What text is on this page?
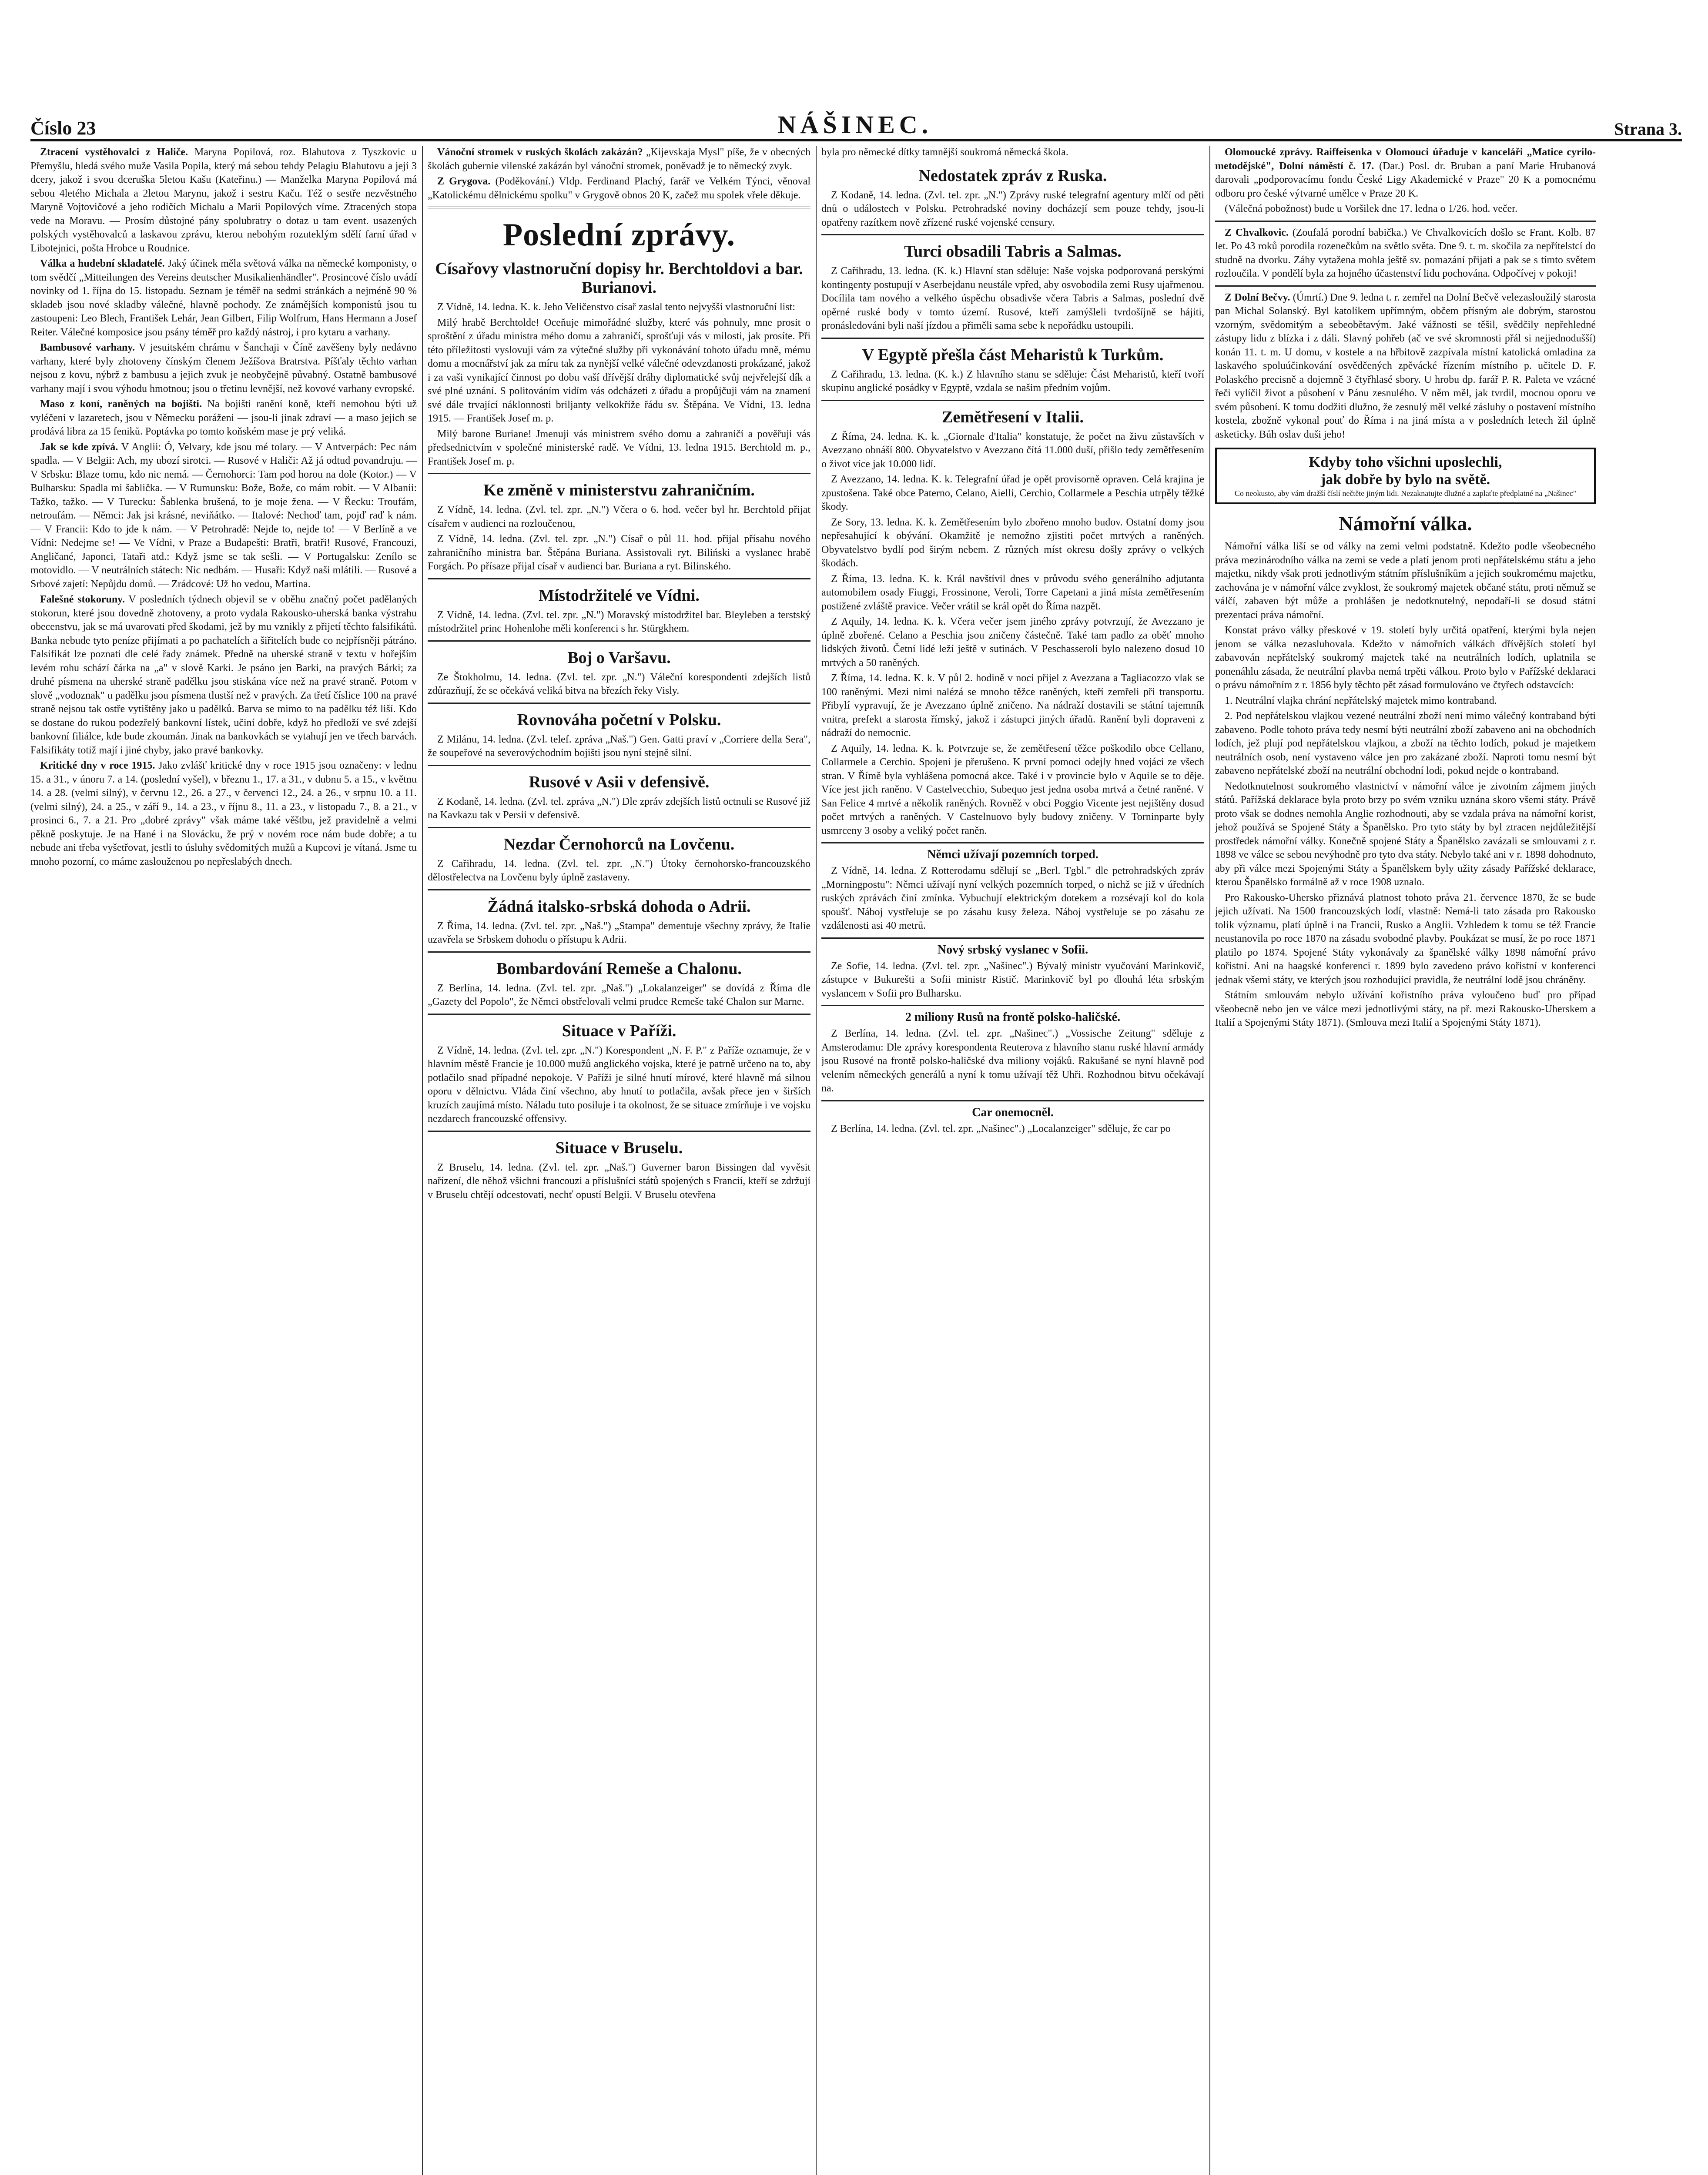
Číslo 23	NÁŠINEC.	Strana 3.

Ztracení vystěhovalci z Haliče. Maryna Popilová, roz. Blahutova z Tyszkovic u Přemyšlu, hledá svého muže Vasila Popila, který má sebou tehdy Pelagiu Blahutovu a její 3 dcery, jakož i svou dceruška 5letou Kašu (Kateřinu.) — Manželka Maryna Popilová má sebou 4letého Michala a 2letou Marynu, jakož i sestru Kaču. Též o sestře nezvěstného Maryně Vojtovičové a jeho rodičích Michalu a Marii Popilových víme. Ztracených stopa vede na Moravu. — Prosím důstojné pány spolubratry o dotaz u tam event. usazených polských vystěhovalců a laskavou zprávu, kterou nebohým rozuteklým sdělí farní úřad v Libotejnici, pošta Hrobce u Roudnice.

Válka a hudební skladatelé. Jaký účinek měla světová válka na německé komponisty, o tom svědčí „Mitteilungen des Vereins deutscher Musikalienhändler". Prosincové číslo uvádí novinky od 1. října do 15. listopadu. Seznam je téměř na sedmi stránkách a nejméně 90 % skladeb jsou nové skladby válečné, hlavně pochody. Ze známějších komponistů jsou tu zastoupeni: Leo Blech, František Lehár, Jean Gilbert, Filip Wolfrum, Hans Hermann a Josef Reiter. Válečné komposice jsou psány téměř pro každý nástroj, i pro kytaru a varhany.

Bambusové varhany. V jesuitském chrámu v Šanchaji v Číně zavěšeny byly nedávno varhany, které byly zhotoveny čínským členem Ježíšova Bratrstva. Píšťaly těchto varhan nejsou z kovu, nýbrž z bambusu a jejich zvuk je neobyčejně půvabný. Ostatně bambusové varhany mají i svou výhodu hmotnou; jsou o třetinu levnější, než kovové varhany evropské.

Maso z koní, raněných na bojišti. Na bojišti ranění koně, kteří nemohou býti už vyléčeni v lazaretech, jsou v Německu poráženi — jsou-li jinak zdraví — a maso jejich se prodává libra za 15 feniků. Poptávka po tomto koňském mase je prý veliká.

Jak se kde zpívá. V Anglii: Ó, Velvary, kde jsou mé tolary. — V Antverpách: Pec nám spadla. — V Belgii: Ach, my ubozí sirotci. — Rusové v Haliči: Až já odtud povandruju. — V Srbsku: Blaze tomu, kdo nic nemá. — Černohorci: Tam pod horou na dole (Kotor.) — V Bulharsku: Spadla mi šablička. — V Rumunsku: Bože, Bože, co mám robit. — V Albanii: Tažko, tažko. — V Turecku: Šablenka brušená, to je moje žena. — V Řecku: Troufám, netroufám. — Němci: Jak jsi krásné, neviňátko. — Italové: Nechoď tam, pojď raď k nám. — V Francii: Kdo to jde k nám. — V Petrohradě: Nejde to, nejde to! — V Berlíně a ve Vídni: Nedejme se! — Ve Vídni, v Praze a Budapešti: Bratři, bratři! Rusové, Francouzi, Angličané, Japonci, Tataři atd.: Když jsme se tak sešli. — V Portugalsku: Zenílo se motovidlo. — V neutrálních státech: Nic nedbám. — Husaři: Když naši mlátili. — Rusové a Srbové zajetí: Nepůjdu domů. — Zrádcové: Už ho vedou, Martina.

Falešné stokoruny. V posledních týdnech objevil se v oběhu značný počet padělaných stokorun, které jsou dovedně zhotoveny, a proto vydala Rakousko-uherská banka výstrahu obecenstvu, jak se má uvarovati před škodami, jež by mu vznikly z přijetí těchto falsifikátů. Banka nebude tyto peníze přijímati a po pachatelích a šiřitelích bude co nejpřísněji pátráno. Falsifikát lze poznati dle celé řady známek. Předně na uherské straně v textu v hořejším levém rohu schází čárka na „a" v slově Karki. Je psáno jen Barki, na pravých Bárki; za druhé písmena na uherské straně padělku jsou stiskána více než na pravé straně. Potom v slově „vodoznak" u padělku jsou písmena tlustší než v pravých. Za třetí číslice 100 na pravé straně nejsou tak ostře vytištěny jako u padělků. Barva se mimo to na padělku též liší. Kdo se dostane do rukou podezřelý bankovní lístek, učiní dobře, když ho předloží ve své zdejší bankovní filiálce, kde bude zkoumán. Jinak na bankovkách se vytahují jen ve třech barvách. Falsifikáty totiž mají i jiné chyby, jako pravé bankovky.

Kritické dny v roce 1915. Jako zvlášť kritické dny v roce 1915 jsou označeny: v lednu 15. a 31., v únoru 7. a 14. (poslední vyšel), v březnu 1., 17. a 31., v dubnu 5. a 15., v květnu 14. a 28. (velmi silný), v červnu 12., 26. a 27., v červenci 12., 24. a 26., v srpnu 10. a 11. (velmi silný), 24. a 25., v září 9., 14. a 23., v říjnu 8., 11. a 23., v listopadu 7., 8. a 21., v prosinci 6., 7. a 21. Pro „dobré zprávy" však máme také věštbu, jež pravidelně a velmi pěkně poskytuje. Je na Hané i na Slovácku, že prý v novém roce nám bude dobře; a tu nebude ani třeba vyšetřovat, jestli to úsluhy svědomitých mužů a Kupcovi je vítaná. Jsme tu mnoho pozorní, co máme zaslouženou po nepřeslabých dnech.

Vánoční stromek v ruských školách zakázán? „Kijevskaja Mysl" píše, že v obecných školách gubernie vilenské zakázán byl vánoční stromek, poněvadž je to německý zvyk.

Z Grygova. (Poděkování.) Vldp. Ferdinand Plachý, farář ve Velkém Týnci, věnoval „Katolickému dělnickému spolku" v Grygově obnos 20 K, začež mu spolek vřele děkuje.

Poslední zprávy.
Císařovy vlastnoruční dopisy hr. Berchtoldovi a bar. Burianovi.

Z Vídně, 14. ledna. K. k. Jeho Veličenstvo císař zaslal tento nejvyšší vlastnoruční list:

Milý hrabě Berchtolde! Oceňuje mimořádné služby, které vás pohnuly, mne prosit o sproštění z úřadu ministra mého domu a zahraničí, sprošťuji vás v milosti, jak prosíte. Při této příležitosti vyslovuji vám za výtečné služby při vykonávání tohoto úřadu mně, mému domu a mocnářství jak za míru tak za nynější velké válečné odevzdanosti prokázané, jakož i za vaši vynikající činnost po dobu vaší dřívější dráhy diplomatické svůj nejvřelejší dík a své plné uznání. S politováním vidím vás odcházeti z úřadu a propůjčuji vám na znamení své dále trvající náklonnosti briljanty velkokříže řádu sv. Štěpána. Ve Vídni, 13. ledna 1915. — František Josef m. p.

Milý barone Buriane! Jmenuji vás ministrem svého domu a zahraničí a pověřuji vás předsednictvím v společné ministerské radě. Ve Vídni, 13. ledna 1915. Berchtold m. p., František Josef m. p.

Ke změně v ministerstvu zahraničním.

Z Vídně, 14. ledna. (Zvl. tel. zpr. „N.") Včera o 6. hod. večer byl hr. Berchtold přijat císařem v audienci na rozloučenou,

Z Vídně, 14. ledna. (Zvl. tel. zpr. „N.") Císař o půl 11. hod. přijal přísahu nového zahraničního ministra bar. Štěpána Buriana. Assistovali ryt. Biliński a vyslanec hrabě Forgách. Po přísaze přijal císař v audienci bar. Buriana a ryt. Bilinského.

Místodržitelé ve Vídni.

Z Vídně, 14. ledna. (Zvl. tel. zpr. „N.") Moravský místodržitel bar. Bleyleben a terstský místodržitel princ Hohenlohe měli konferenci s hr. Stürgkhem.

Boj o Varšavu.

Ze Štokholmu, 14. ledna. (Zvl. tel. zpr. „N.") Váleční korespondenti zdejších listů zdůrazňují, že se očekává veliká bitva na březích řeky Visly.

Rovnováha početní v Polsku.

Z Milánu, 14. ledna. (Zvl. telef. zpráva „Naš.") Gen. Gatti praví v „Corriere della Sera", že soupeřové na severovýchodním bojišti jsou nyní stejně silní.

Rusové v Asii v defensivě.

Z Kodaně, 14. ledna. (Zvl. tel. zpráva „N.") Dle zpráv zdejších listů octnuli se Rusové již na Kavkazu tak v Persii v defensivě.

Nezdar Černohorců na Lovčenu.

Z Cařihradu, 14. ledna. (Zvl. tel. zpr. „N.") Útoky černohorsko-francouzského dělostřelectva na Lovčenu byly úplně zastaveny.

Žádná italsko-srbská dohoda o Adrii.

Z Říma, 14. ledna. (Zvl. tel. zpr. „Naš.") „Stampa" dementuje všechny zprávy, že Italie uzavřela se Srbskem dohodu o přístupu k Adrii.

Bombardování Remeše a Chalonu.

Z Berlína, 14. ledna. (Zvl. tel. zpr. „Naš.") „Lokalanzeiger" se dovídá z Říma dle „Gazety del Popolo", že Němci obstřelovali velmi prudce Remeše také Chalon sur Marne.

Situace v Paříži.

Z Vídně, 14. ledna. (Zvl. tel. zpr. „N.") Korespondent „N. F. P." z Paříže oznamuje, že v hlavním městě Francie je 10.000 mužů anglického vojska, které je patrně určeno na to, aby potlačilo snad případné nepokoje. V Paříži je silné hnutí mírové, které hlavně má silnou oporu v dělnictvu. Vláda činí všechno, aby hnutí to potlačila, avšak přece jen v širších kruzích zaujímá místo. Náladu tuto posiluje i ta okolnost, že se situace zmírňuje i ve vojsku nezdarech francouzské offensivy.

Situace v Bruselu.

Z Bruselu, 14. ledna. (Zvl. tel. zpr. „Naš.") Guverner baron Bissingen dal vyvěsit nařízení, dle něhož všichni francouzi a příslušníci států spojených s Francií, kteří se zdržují v Bruselu chtějí odcestovati, nechť opustí Belgii. V Bruselu otevřena

byla pro německé dítky tamnější soukromá německá škola.

Nedostatek zpráv z Ruska.

Z Kodaně, 14. ledna. (Zvl. tel. zpr. „N.") Zprávy ruské telegrafní agentury mlčí od pěti dnů o událostech v Polsku. Petrohradské noviny docházejí sem pouze tehdy, jsou-li opatřeny razítkem nově zřízené ruské vojenské censury.

Turci obsadili Tabris a Salmas.

Z Cařihradu, 13. ledna. (K. k.) Hlavní stan sděluje: Naše vojska podporovaná perskými kontingenty postupují v Aserbejdanu neustále vpřed, aby osvobodila zemi Rusy ujařmenou. Docílila tam nového a velkého úspěchu obsadivše včera Tabris a Salmas, poslední dvě opěrné ruské body v tomto území. Rusové, kteří zamýšleli tvrdošíjně se hájiti, pronásledováni byli naší jízdou a přiměli sama sebe k nepořádku ustoupili.

V Egyptě přešla část Meharistů k Turkům.

Z Cařihradu, 13. ledna. (K. k.) Z hlavního stanu se sděluje: Část Meharistů, kteří tvoří skupinu anglické posádky v Egyptě, vzdala se našim předním vojům.

Zemětřesení v Italii.

Z Říma, 24. ledna. K. k. „Giornale d'Italia" konstatuje, že počet na živu zůstavších v Avezzano obnáší 800. Obyvatelstvo v Avezzano čítá 11.000 duší, přišlo tedy zemětřesením o život více jak 10.000 lidí.

Z Avezzano, 14. ledna. K. k. Telegrafní úřad je opět provisorně opraven. Celá krajina je zpustošena. Také obce Paterno, Celano, Aielli, Cerchio, Collarmele a Peschia utrpěly těžké škody.

Ze Sory, 13. ledna. K. k. Zemětřesením bylo zbořeno mnoho budov. Ostatní domy jsou nepřesahující k obývání. Okamžitě je nemožno zjistiti počet mrtvých a raněných. Obyvatelstvo bydlí pod širým nebem. Z různých míst okresu došly zprávy o velkých škodách.

Z Říma, 13. ledna. K. k. Král navštívil dnes v průvodu svého generálního adjutanta automobilem osady Fiuggi, Frossinone, Veroli, Torre Capetani a jiná místa zemětřesením postižené zvláště pravice. Večer vrátil se král opět do Říma nazpět.

Z Aquily, 14. ledna. K. k. Včera večer jsem jiného zprávy potvrzují, že Avezzano je úplně zbořené. Celano a Peschia jsou zničeny částečně. Také tam padlo za oběť mnoho lidských životů. Četní lidé leží ještě v sutinách. V Peschasseroli bylo nalezeno dosud 10 mrtvých a 50 raněných.

Z Říma, 14. ledna. K. k. V půl 2. hodině v noci přijel z Avezzana a Tagliacozzo vlak se 100 raněnými. Mezi nimi nalézá se mnoho těžce raněných, kteří zemřeli při transportu. Přibylí vypravují, že je Avezzano úplně zničeno. Na nádraží dostavili se státní tajemník vnitra, prefekt a starosta římský, jakož i zástupci jiných úřadů. Ranění byli dopraveni z nádraží do nemocnic.

Z Aquily, 14. ledna. K. k. Potvrzuje se, že zemětřesení těžce poškodilo obce Cellano, Collarmele a Cerchio. Spojení je přerušeno. K první pomoci odejly hned vojáci ze všech stran. V Římě byla vyhlášena pomocná akce. Také i v provincie bylo v Aquile se to děje. Více jest jich raněno. V Castelvecchio, Subequo jest jedna osoba mrtvá a četné raněné. V San Felice 4 mrtvé a několik raněných. Rovněž v obci Poggio Vicente jest nejištěny dosud počet mrtvých a raněných. V Castelnuovo byly budovy zničeny. V Torninparte byly usmrceny 3 osoby a veliký počet raněn.

Němci užívají pozemních torped.

Z Vídně, 14. ledna. Z Rotterodamu sdělují se „Berl. Tgbl." dle petrohradských zpráv „Morningpostu": Němci užívají nyní velkých pozemních torped, o nichž se již v úředních ruských zprávách činí zmínka. Vybuchují elektrickým dotekem a rozsévají kol do kola spoušť. Náboj vystřeluje se po zásahu kusy železa. Náboj vystřeluje se po zásahu ze vzdálenosti asi 40 metrů.

Nový srbský vyslanec v Sofii.

Ze Sofie, 14. ledna. (Zvl. tel. zpr. „Našinec".) Bývalý ministr vyučování Marinkovič, zástupce v Bukurešti a Sofii ministr Ristič. Marinkovič byl po dlouhá léta srbským vyslancem v Sofii pro Bulharsku.

2 miliony Rusů na frontě polsko-haličské.

Z Berlína, 14. ledna. (Zvl. tel. zpr. „Našinec".) „Vossische Zeitung" sděluje z Amsterodamu: Dle zprávy korespondenta Reuterova z hlavního stanu ruské hlavní armády jsou Rusové na frontě polsko-haličské dva miliony vojáků. Rakušané se nyní hlavně pod velením německých generálů a nyní k tomu užívají těž Uhři. Rozhodnou bitvu očekávají na.

Car onemocněl.

Z Berlína, 14. ledna. (Zvl. tel. zpr. „Našinec".) „Localanzeiger" sděluje, že car po

Olomoucké zprávy. Raiffeisenka v Olomouci úřaduje v kanceláři „Matice cyrilo-metodějské", Dolní náměstí č. 17. (Dar.) Posl. dr. Bruban a paní Marie Hrubanová darovali „podporovacímu fondu České Ligy Akademické v Praze" 20 K a pomocnému odboru pro české výtvarné umělce v Praze 20 K.

(Válečná pobožnost) bude u Voršilek dne 17. ledna o 1/26. hod. večer.

Z Chvalkovic. (Zoufalá porodní babička.) Ve Chvalkovicích došlo se Frant. Kolb. 87 let. Po 43 roků porodila rozenečkům na světlo světa. Dne 9. t. m. skočila za nepřítelstcí do studně na dvorku. Záhy vytažena mohla ještě sv. pomazání přijati a pak se s tímto světem rozloučila. V pondělí byla za hojného účastenství lidu pochována. Odpočívej v pokoji!

Z Dolní Bečvy. (Úmrtí.) Dne 9. ledna t. r. zemřel na Dolní Bečvě velezasloužilý starosta pan Michal Solanský. Byl katolíkem upřímným, občem přísným ale dobrým, starostou vzorným, svědomitým a sebeobětavým. Jaké vážnosti se těšil, svědčily nepřehledné zástupy lidu z blízka i z dáli. Slavný pohřeb (ač ve své skromnosti přál si nejjednodušší) konán 11. t. m. U domu, v kostele a na hřbitově zazpívala místní katolická omladina za laskavého spoluúčinkování osvědčených zpěvácké řízením místního p. učitele D. F. Polaského precisně a dojemně 3 čtyřhlasé sbory. U hrobu dp. farář P. R. Paleta ve vzácné řeči vylíčil život a působení v Pánu zesnulého. V něm měl, jak tvrdil, mocnou oporu ve svém působení. K tomu dodžiti dlužno, že zesnulý měl velké zásluhy o postavení místního kostela, zbožně vykonal pouť do Říma i na jiná místa a v posledních letech žil úplně asketicky. Bůh oslav duši jeho!

Kdyby toho všichni uposlechli,
jak dobře by bylo na světě.
Co neokusto, aby vám dražší číslí nečtěte jiným lidi. Nezaknatujte dlužné a zaplaťte předplatné na „Našinec"
Námořní válka.

Námořní válka liší se od války na zemi velmi podstatně. Kdežto podle všeobecného práva mezinárodního válka na zemi se vede a platí jenom proti nepřátelskému státu a jeho majetku, nikdy však proti jednotlivým státním příslušníkům a jejich soukromému majetku, zachována je v námořní válce zvyklost, že soukromý majetek občané státu, proti němuž se válčí, zabaven být může a prohlášen je nedotknutelný, nepodaří-li se dosud státní prezentací práva námořní.

Konstat právo války přeskové v 19. století byly určitá opatření, kterými byla nejen jenom se válka nezasluhovala. Kdežto v námořních válkách dřívějších století byl zabavován nepřátelský soukromý majetek také na neutrálních lodích, uplatnila se ponenáhlu zásada, že neutrální plavba nemá trpěti válkou. Proto bylo v Pařížské deklaraci o právu námořním z r. 1856 byly těchto pět zásad formulováno ve čtyřech odstavcích:

1. Neutrální vlajka chrání nepřátelský majetek mimo kontraband.

2. Pod nepřátelskou vlajkou vezené neutrální zboží není mimo válečný kontraband býti zabaveno. Podle tohoto práva tedy nesmí býti neutrální zboží zabaveno ani na obchodních lodích, jež plují pod nepřátelskou vlajkou, a zboží na těchto lodích, pokud je majetkem neutrálních osob, není vystaveno válce jen pro zakázané zboží. Naproti tomu nesmí být zabaveno nepřátelské zboží na neutrální obchodní lodi, pokud nejde o kontraband.

Nedotknutelnost soukromého vlastnictví v námořní válce je zivotním zájmem jiných států. Pařížská deklarace byla proto brzy po svém vzniku uznána skoro všemi státy. Právě proto však se dodnes nemohla Anglie rozhodnouti, aby se vzdala práva na námořní korist, jehož používá se Spojené Státy a Španělsko. Pro tyto státy by byl ztracen nejdůležitější prostředek námořní války. Konečně spojené Státy a Španělsko zavázali se smlouvami z r. 1898 ve válce se sebou nevýhodně pro tyto dva státy. Nebylo také ani v r. 1898 dohodnuto, aby při válce mezi Spojenými Státy a Španělskem byly užity zásady Pařížské deklarace, kterou Španělsko formálně až v roce 1908 uznalo.

Pro Rakousko-Uhersko přiznává platnost tohoto práva 21. července 1870, že se bude jejich užívati. Na 1500 francouzských lodí, vlastně: Nemá-li tato zásada pro Rakousko tolik významu, platí úplně i na Francii, Rusko a Anglii. Vzhledem k tomu se též Francie neustanovila po roce 1870 na zásadu svobodné plavby. Poukázat se musí, že po roce 1871 platilo po 1874. Spojené Státy vykonávaly za španělské války 1898 námořní právo kořistní. Ani na haagské konferenci r. 1899 bylo zavedeno právo kořistní v konferenci jednak všemi státy, ve kterých jsou rozhodující pravidla, že neutrální lodě jsou chráněny.

Státním smlouvám nebylo užívání kořistního práva vyloučeno buď pro případ všeobecně nebo jen ve válce mezi jednotlivými státy, na př. mezi Rakousko-Uherskem a Italií a Spojenými Státy 1871). (Smlouva mezi Italií a Spojenými Státy 1871).
